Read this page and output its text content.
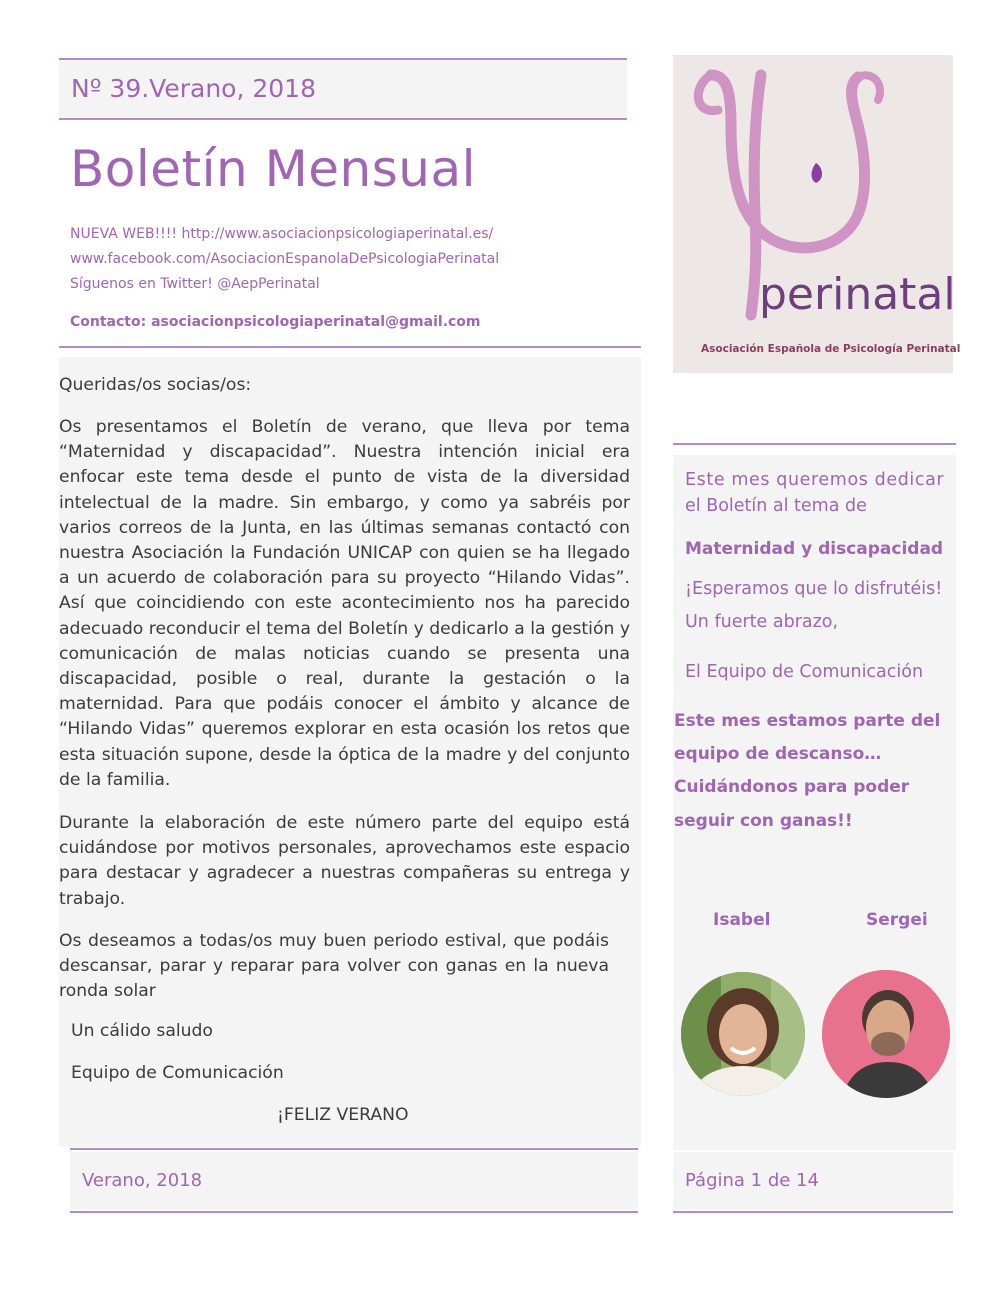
Nº 39.Verano, 2018
Boletín Mensual
NUEVA WEB!!!! http://www.asociacionpsicologiaperinatal.es/
www.facebook.com/AsociacionEspanolaDePsicologiaPerinatal
Síguenos en Twitter! @AepPerinatal
Contacto: asociacionpsicologiaperinatal@gmail.com
Queridas/os socias/os:

Os presentamos el Boletín de verano, que lleva por tema “Maternidad y discapacidad”. Nuestra intención inicial era enfocar este tema desde el punto de vista de la diversidad intelectual de la madre. Sin embargo, y como ya sabréis por varios correos de la Junta, en las últimas semanas contactó con nuestra Asociación la Fundación UNICAP con quien se ha llegado a un acuerdo de colaboración para su proyecto “Hilando Vidas”. Así que coincidiendo con este acontecimiento nos ha parecido adecuado reconducir el tema del Boletín y dedicarlo a la gestión y comunicación de malas noticias cuando se presenta una discapacidad, posible o real, durante la gestación o la maternidad. Para que podáis conocer el ámbito y alcance de “Hilando Vidas” queremos explorar en esta ocasión los retos que esta situación supone, desde la óptica de la madre y del conjunto de la familia.

Durante la elaboración de este número parte del equipo está cuidándose por motivos personales, aprovechamos este espacio para destacar y agradecer a nuestras compañeras su entrega y trabajo.

Os deseamos a todas/os muy buen periodo estival, que podáis descansar, parar y reparar para volver con ganas en la nueva ronda solar

Un cálido saludo
Equipo de Comunicación
¡FELIZ VERANO
Verano, 2018	Página 1 de 14
perinatal
Asociación Española de Psicología Perinatal
Este mes queremos dedicar
el Boletín al tema de
Maternidad y discapacidad
¡Esperamos que lo disfrutéis!
Un fuerte abrazo,
El Equipo de Comunicación
Este mes estamos parte del
equipo de descanso…
Cuidándonos para poder
seguir con ganas!!
Isabel	Sergei
